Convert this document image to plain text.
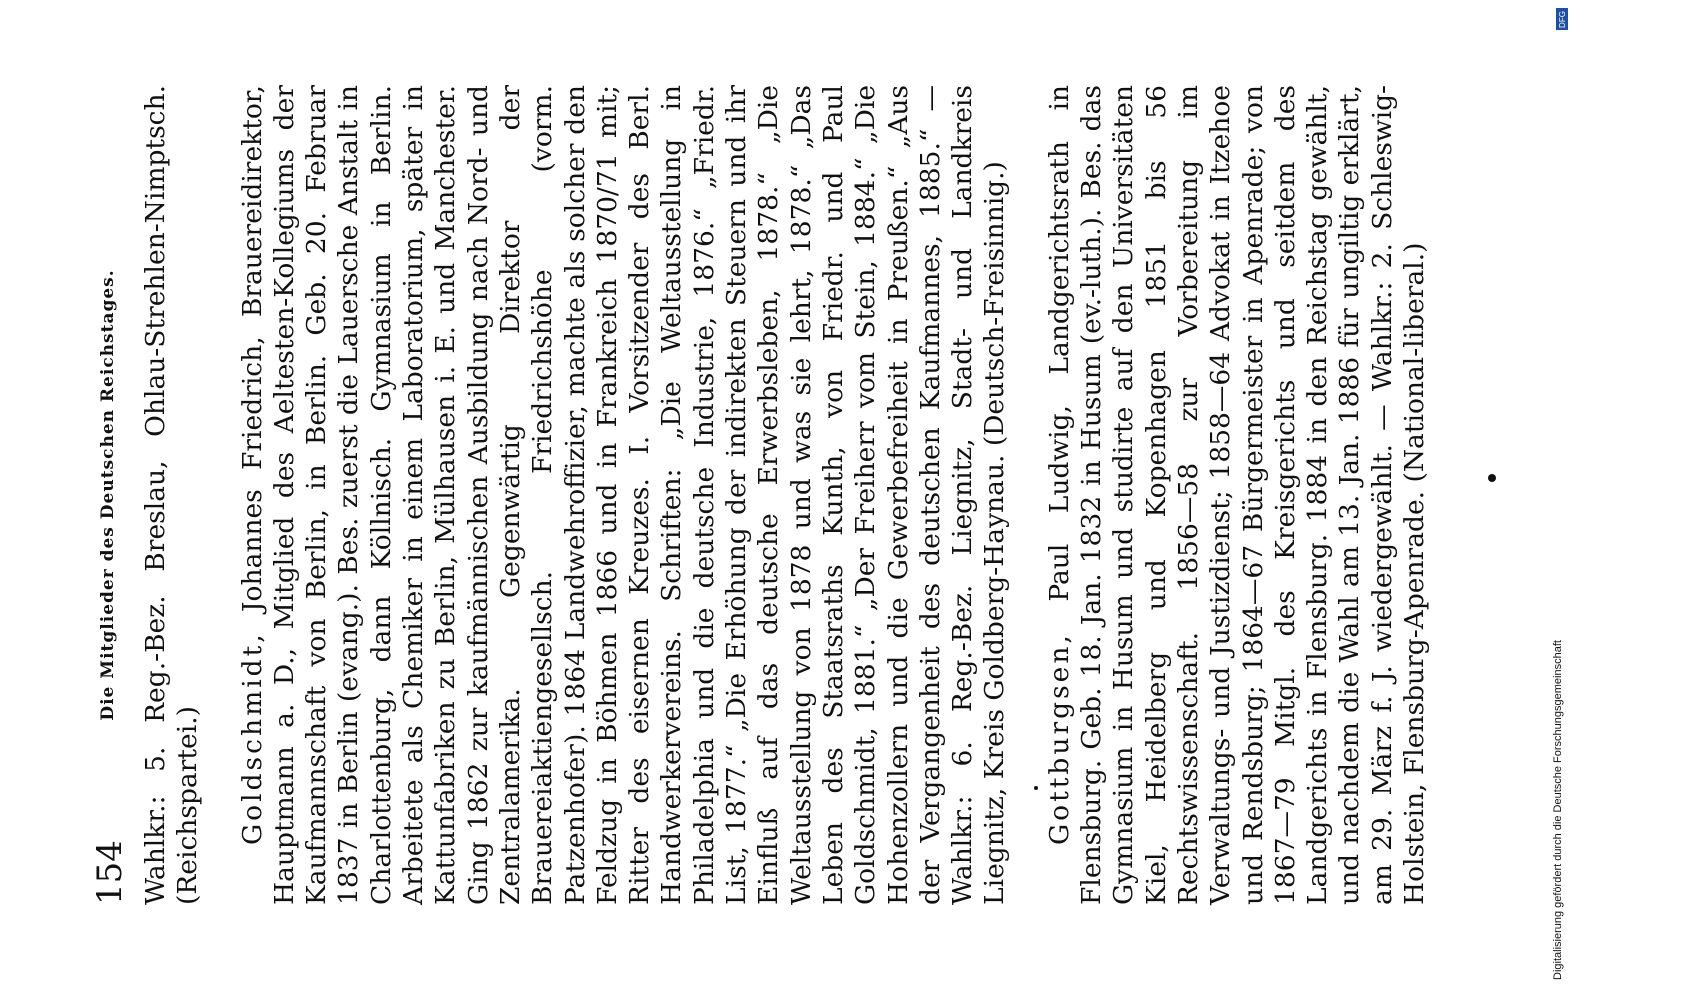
154
Die Mitglieder des Deutschen Reichstages. Wahlkr.: 5. Reg.-Bez. Breslau, Ohlau-Strehlen-Nimptsch. (Reichspartei.) Goldschmidt, Johannes Friedrich, Brauereidirektor, Hauptmann a. D., Mitglied des Aeltesten-Kollegiums der Kaufmannschaft von Berlin, in Berlin. Geb. 20. Februar 1837 in Berlin (evang.). Bes. zuerst die Lauersche Anstalt in Charlottenburg, dann Köllnisch. Gymnasium in Berlin. Arbeitete als Chemiker in einem Laboratorium, später in Kattunfabriken zu Berlin, Mülhausen i. E. und Manchester. Ging 1862 zur kaufmännischen Ausbildung nach Nord- und Zentralamerika. Gegenwärtig Direktor der Brauereiaktiengesellsch. Friedrichshöhe (vorm. Patzenhofer). 1864 Landwehroffizier, machte als solcher den Feldzug in Böhmen 1866 und in Frankreich 1870/71 mit; Ritter des eisernen Kreuzes. I. Vorsitzender des Berl. Handwerkervereins. Schriften: „Die Weltausstellung in Philadelphia und die deutsche Industrie, 1876.“ „Friedr. List, 1877.“ „Die Erhöhung der indirekten Steuern und ihr Einfluß auf das deutsche Erwerbsleben, 1878.“ „Die Weltausstellung von 1878 und was sie lehrt, 1878.“ „Das Leben des Staatsraths Kunth, von Friedr. und Paul Goldschmidt, 1881.“ „Der Freiherr vom Stein, 1884.“ „Die Hohenzollern und die Gewerbefreiheit in Preußen.“ „Aus der Vergangenheit des deutschen Kaufmannes, 1885.“ — Wahlkr.: 6. Reg.-Bez. Liegnitz, Stadt- und Landkreis Liegnitz, Kreis Goldberg-Haynau. (Deutsch-Freisinnig.) Gottburgsen, Paul Ludwig, Landgerichtsrath in Flensburg. Geb. 18. Jan. 1832 in Husum (ev.-luth.). Bes. das Gymnasium in Husum und studirte auf den Universitäten Kiel, Heidelberg und Kopenhagen 1851 bis 56 Rechtswissenschaft. 1856—58 zur Vorbereitung im Verwaltungs- und Justizdienst; 1858—64 Advokat in Itzehoe und Rendsburg; 1864—67 Bürgermeister in Apenrade; von 1867—79 Mitgl. des Kreisgerichts und seitdem des Landgerichts in Flensburg. 1884 in den Reichstag gewählt, und nachdem die Wahl am 13. Jan. 1886 für ungiltig erklärt, am 29. März f. J. wiedergewählt. — Wahlkr.: 2. Schleswig-Holstein, Flensburg-Apenrade. (National-liberal.)

DFG
Digitalisierung gefördert durch die Deutsche Forschungsgemeinschaft
